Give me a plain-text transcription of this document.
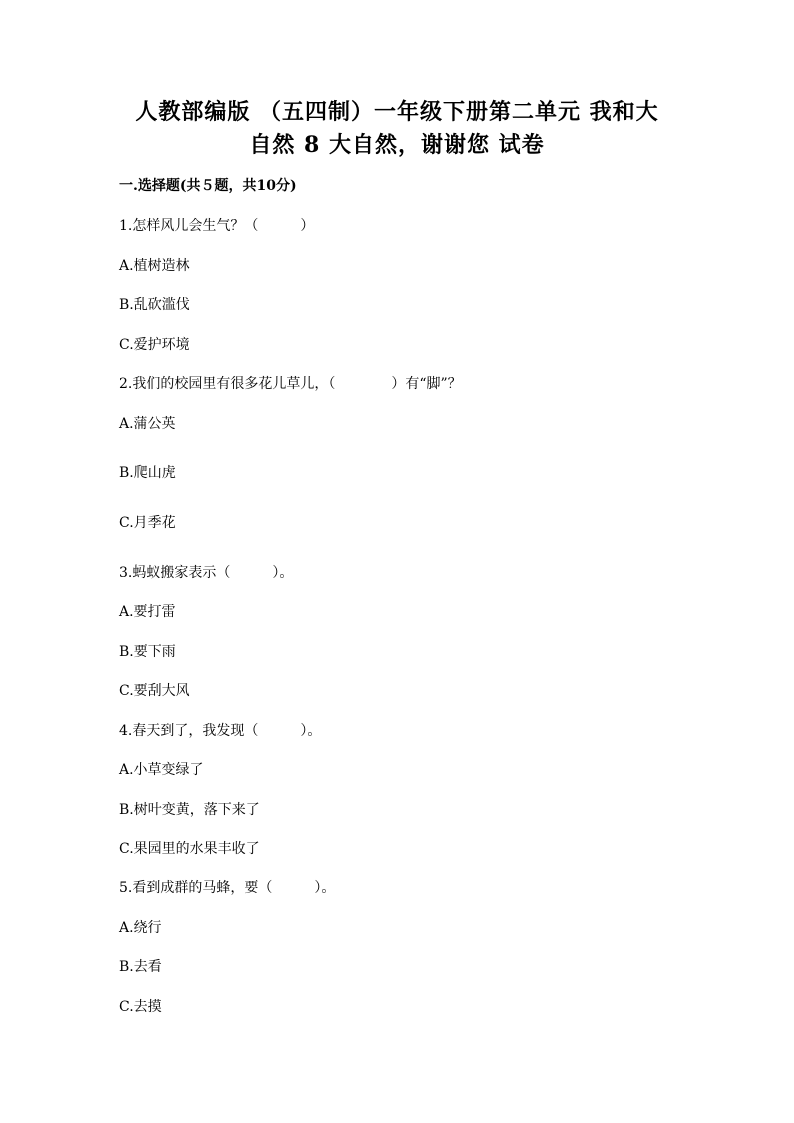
人教部编版 （五四制）一年级下册第二单元 我和大
自然 8 大自然，谢谢您 试卷
一.选择题(共５题，共10分)
1.怎样风儿会生气？（　　　）
A.植树造林
B.乱砍滥伐
C.爱护环境
2.我们的校园里有很多花儿草儿，（　　　　）有“脚”？
A.蒲公英
B.爬山虎
C.月季花
3.蚂蚁搬家表示（　　　）。
A.要打雷
B.要下雨
C.要刮大风
4.春天到了，我发现（　　　）。
A.小草变绿了
B.树叶变黄，落下来了
C.果园里的水果丰收了
5.看到成群的马蜂，要（　　　）。
A.绕行
B.去看
C.去摸
